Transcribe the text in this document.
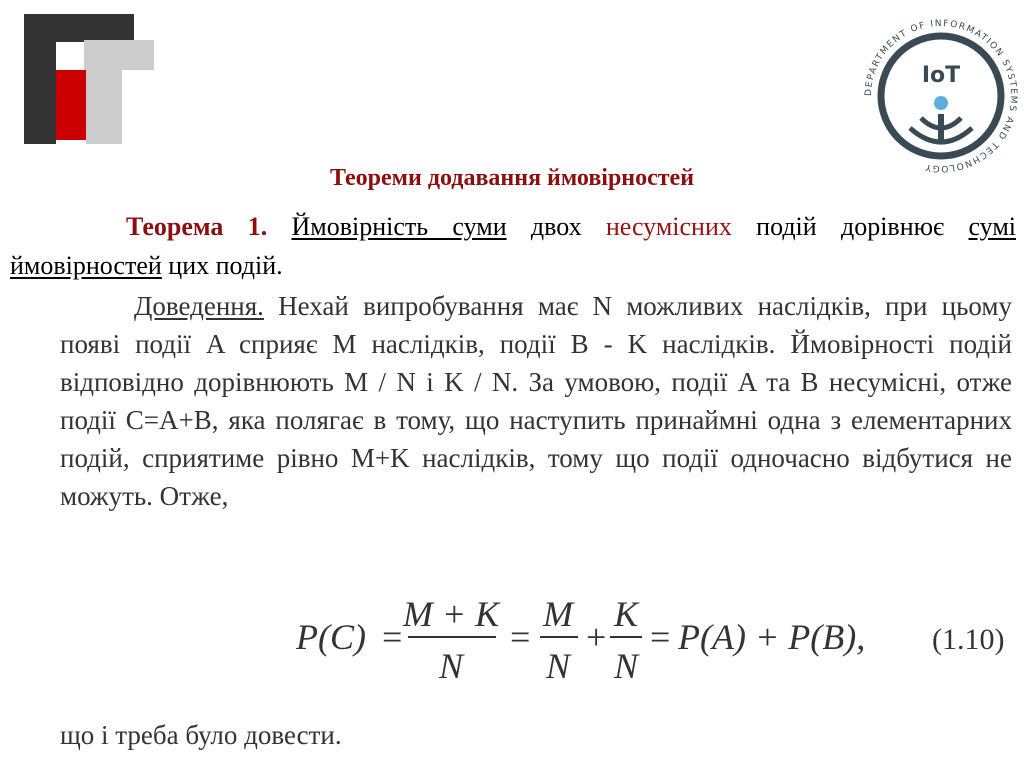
DEPARTMENT OF INFORMATION SYSTEMS AND TECHNOLOGY
IoT
Теореми додавання ймовірностей
Теорема 1. Ймовірність суми двох несумісних подій дорівнює сумі ймовірностей цих подій.
Доведення. Нехай випробування має N можливих наслідків, при цьому появі події A сприяє M наслідків, події B - K наслідків. Ймовірності подій відповідно дорівнюють M / N і K / N. За умовою, події A та B несумісні, отже події C=A+B, яка полягає в тому, що наступить принаймні одна з елементарних подій, сприятиме рівно M+K наслідків, тому що події одночасно відбутися не можуть. Отже,
P(C) =
M + K
N
=
M
N
+
K
N
= P(A) + P(B), (1.10)
що і треба було довести.
